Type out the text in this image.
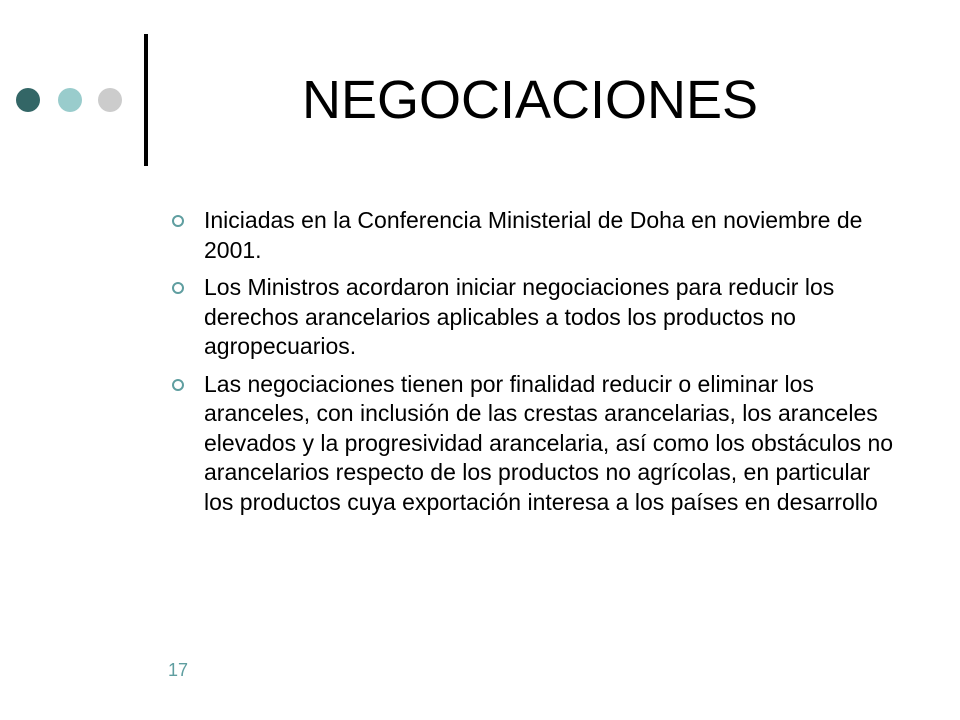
NEGOCIACIONES
Iniciadas en la Conferencia Ministerial de Doha en noviembre de 2001.
Los Ministros acordaron iniciar negociaciones para reducir los derechos arancelarios aplicables a todos los productos no agropecuarios.
Las negociaciones tienen por finalidad reducir o eliminar los aranceles, con inclusión de las crestas arancelarias, los aranceles elevados y la progresividad arancelaria, así como los obstáculos no arancelarios respecto de los productos no agrícolas, en particular los productos cuya exportación interesa a los países en desarrollo
17
